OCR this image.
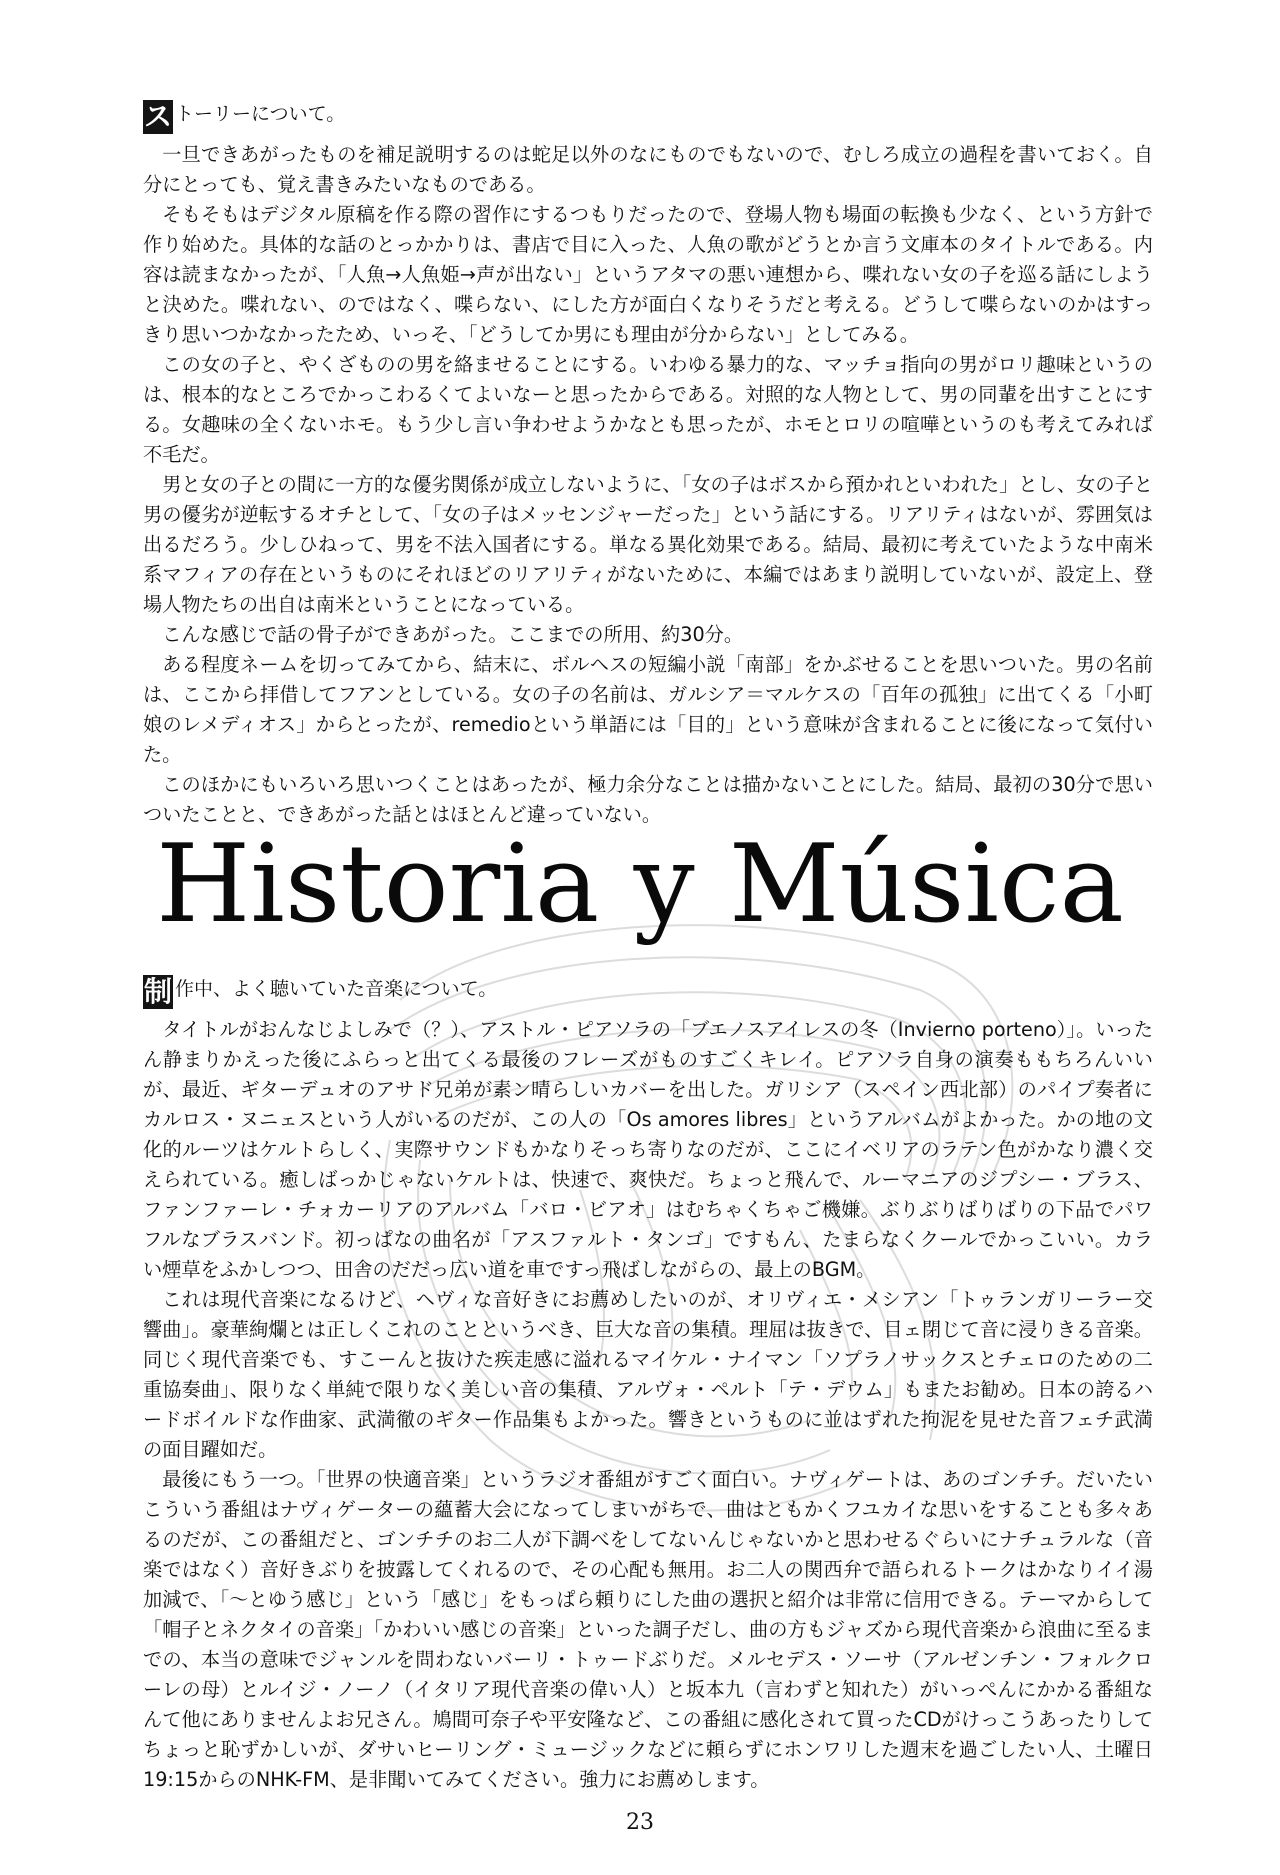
ス トーリーについて。

一旦できあがったものを補足説明するのは蛇足以外のなにものでもないので、むしろ成立の過程を書いておく。自分にとっても、覚え書きみたいなものである。

そもそもはデジタル原稿を作る際の習作にするつもりだったので、登場人物も場面の転換も少なく、という方針で作り始めた。具体的な話のとっかかりは、書店で目に入った、人魚の歌がどうとか言う文庫本のタイトルである。内容は読まなかったが、「人魚→人魚姫→声が出ない」というアタマの悪い連想から、喋れない女の子を巡る話にしようと決めた。喋れない、のではなく、喋らない、にした方が面白くなりそうだと考える。どうして喋らないのかはすっきり思いつかなかったため、いっそ、「どうしてか男にも理由が分からない」としてみる。

この女の子と、やくざものの男を絡ませることにする。いわゆる暴力的な、マッチョ指向の男がロリ趣味というのは、根本的なところでかっこわるくてよいなーと思ったからである。対照的な人物として、男の同輩を出すことにする。女趣味の全くないホモ。もう少し言い争わせようかなとも思ったが、ホモとロリの喧嘩というのも考えてみれば不毛だ。

男と女の子との間に一方的な優劣関係が成立しないように、「女の子はボスから預かれといわれた」とし、女の子と男の優劣が逆転するオチとして、「女の子はメッセンジャーだった」という話にする。リアリティはないが、雰囲気は出るだろう。少しひねって、男を不法入国者にする。単なる異化効果である。結局、最初に考えていたような中南米系マフィアの存在というものにそれほどのリアリティがないために、本編ではあまり説明していないが、設定上、登場人物たちの出自は南米ということになっている。

こんな感じで話の骨子ができあがった。ここまでの所用、約30分。

ある程度ネームを切ってみてから、結末に、ボルヘスの短編小説「南部」をかぶせることを思いついた。男の名前は、ここから拝借してフアンとしている。女の子の名前は、ガルシア＝マルケスの「百年の孤独」に出てくる「小町娘のレメディオス」からとったが、remedioという単語には「目的」という意味が含まれることに後になって気付いた。

このほかにもいろいろ思いつくことはあったが、極力余分なことは描かないことにした。結局、最初の30分で思いついたことと、できあがった話とはほとんど違っていない。

Historia y Música

制 作中、よく聴いていた音楽について。

タイトルがおんなじよしみで（？）、アストル・ピアソラの「ブエノスアイレスの冬（Invierno porteno）」。いったん静まりかえった後にふらっと出てくる最後のフレーズがものすごくキレイ。ピアソラ自身の演奏ももちろんいいが、最近、ギターデュオのアサド兄弟が素ン晴らしいカバーを出した。ガリシア（スペイン西北部）のパイプ奏者にカルロス・ヌニェスという人がいるのだが、この人の「Os amores libres」というアルバムがよかった。かの地の文化的ルーツはケルトらしく、実際サウンドもかなりそっち寄りなのだが、ここにイベリアのラテン色がかなり濃く交えられている。癒しばっかじゃないケルトは、快速で、爽快だ。ちょっと飛んで、ルーマニアのジプシー・ブラス、ファンファーレ・チォカーリアのアルバム「バロ・ビアオ」はむちゃくちゃご機嫌。ぶりぶりばりばりの下品でパワフルなブラスバンド。初っぱなの曲名が「アスファルト・タンゴ」ですもん、たまらなくクールでかっこいい。カラい煙草をふかしつつ、田舎のだだっ広い道を車ですっ飛ばしながらの、最上のBGM。

これは現代音楽になるけど、ヘヴィな音好きにお薦めしたいのが、オリヴィエ・メシアン「トゥランガリーラー交響曲」。豪華絢爛とは正しくこれのことというべき、巨大な音の集積。理屈は抜きで、目ェ閉じて音に浸りきる音楽。同じく現代音楽でも、すこーんと抜けた疾走感に溢れるマイケル・ナイマン「ソプラノサックスとチェロのための二重協奏曲」、限りなく単純で限りなく美しい音の集積、アルヴォ・ペルト「テ・デウム」もまたお勧め。日本の誇るハードボイルドな作曲家、武満徹のギター作品集もよかった。響きというものに並はずれた拘泥を見せた音フェチ武満の面目躍如だ。

最後にもう一つ。「世界の快適音楽」というラジオ番組がすごく面白い。ナヴィゲートは、あのゴンチチ。だいたいこういう番組はナヴィゲーターの蘊蓄大会になってしまいがちで、曲はともかくフユカイな思いをすることも多々あるのだが、この番組だと、ゴンチチのお二人が下調べをしてないんじゃないかと思わせるぐらいにナチュラルな（音楽ではなく）音好きぶりを披露してくれるので、その心配も無用。お二人の関西弁で語られるトークはかなりイイ湯加減で、「〜とゆう感じ」という「感じ」をもっぱら頼りにした曲の選択と紹介は非常に信用できる。テーマからして「帽子とネクタイの音楽」「かわいい感じの音楽」といった調子だし、曲の方もジャズから現代音楽から浪曲に至るまでの、本当の意味でジャンルを問わないバーリ・トゥードぶりだ。メルセデス・ソーサ（アルゼンチン・フォルクローレの母）とルイジ・ノーノ（イタリア現代音楽の偉い人）と坂本九（言わずと知れた）がいっぺんにかかる番組なんて他にありませんよお兄さん。鳩間可奈子や平安隆など、この番組に感化されて買ったCDがけっこうあったりしてちょっと恥ずかしいが、ダサいヒーリング・ミュージックなどに頼らずにホンワリした週末を過ごしたい人、土曜日19:15からのNHK-FM、是非聞いてみてください。強力にお薦めします。

23
